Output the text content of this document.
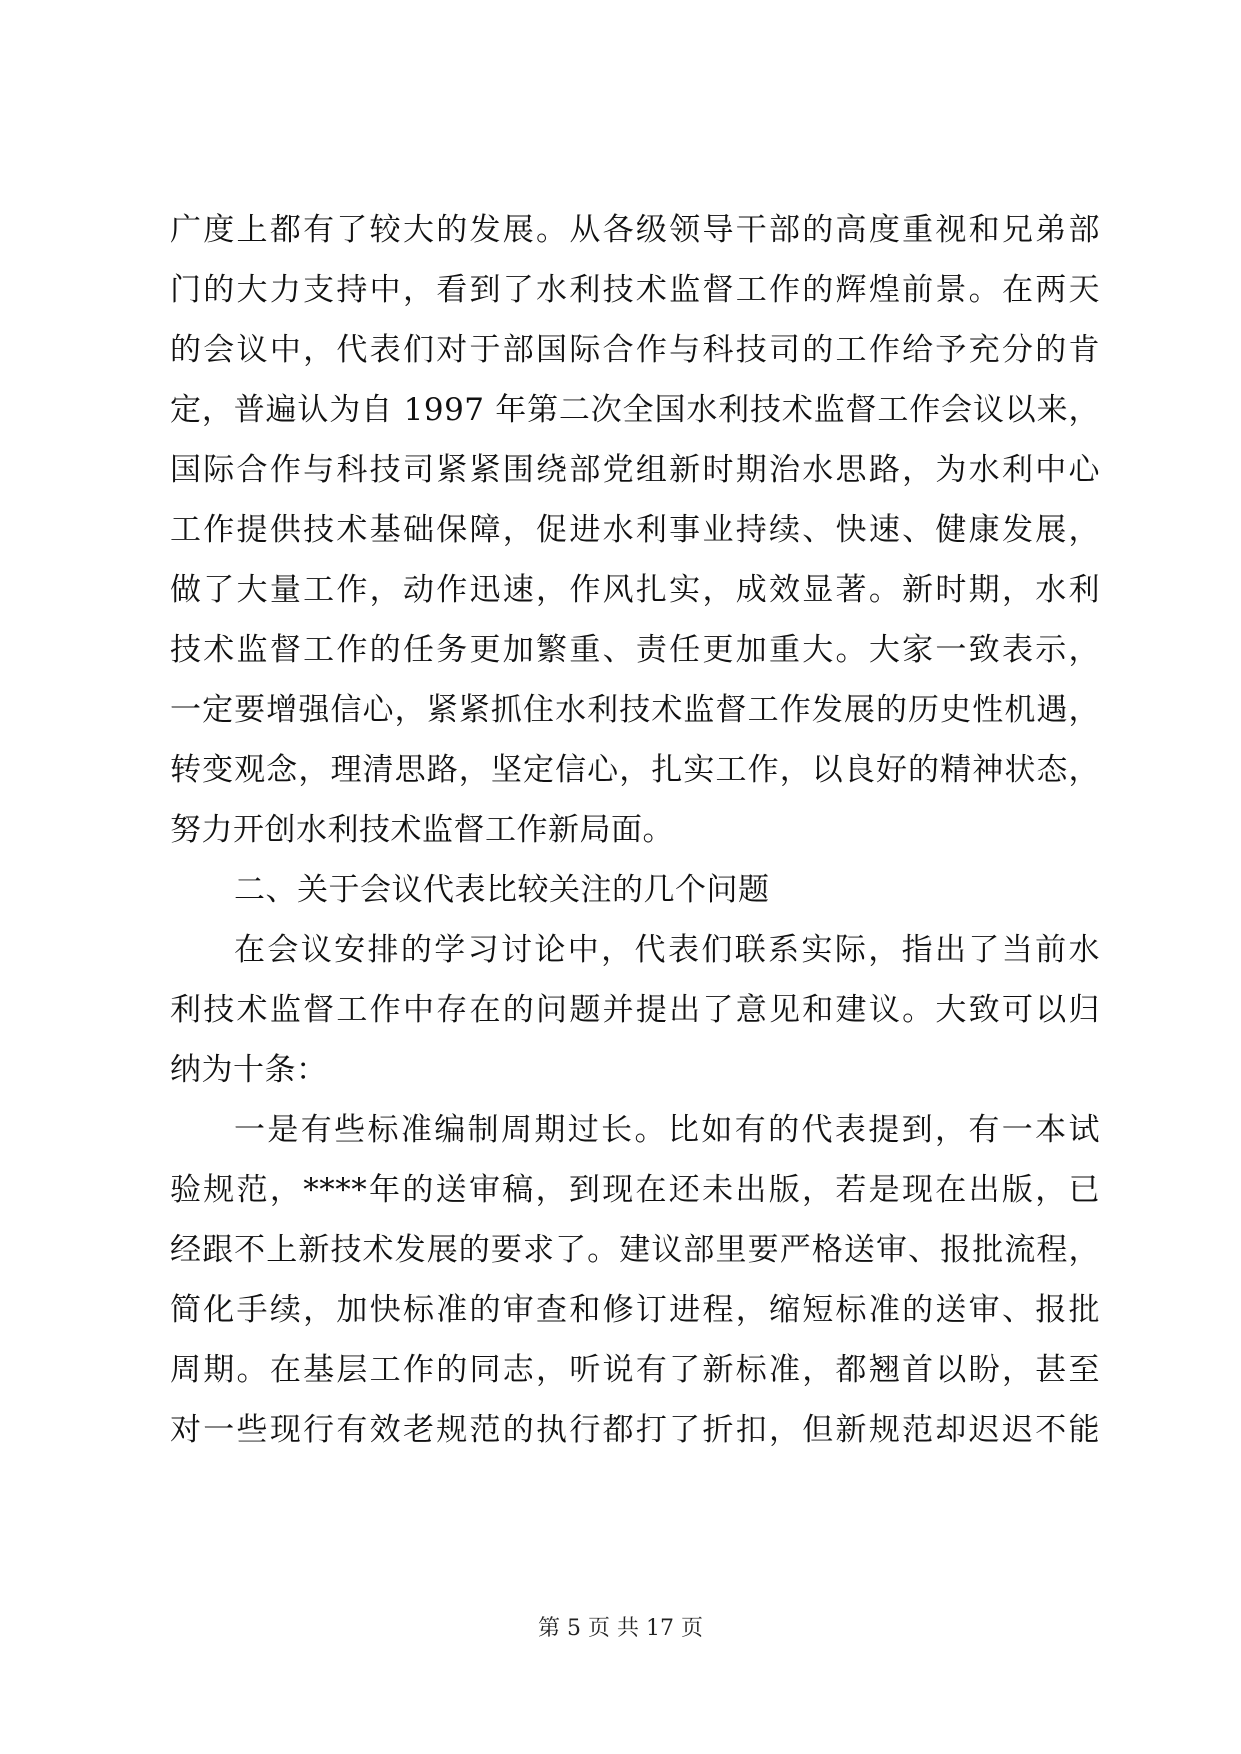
广度上都有了较大的发展。从各级领导干部的高度重视和兄弟部
门的大力支持中，看到了水利技术监督工作的辉煌前景。在两天
的会议中，代表们对于部国际合作与科技司的工作给予充分的肯
定，普遍认为自 1997 年第二次全国水利技术监督工作会议以来，
国际合作与科技司紧紧围绕部党组新时期治水思路，为水利中心
工作提供技术基础保障，促进水利事业持续、快速、健康发展，
做了大量工作，动作迅速，作风扎实，成效显著。新时期，水利
技术监督工作的任务更加繁重、责任更加重大。大家一致表示，
一定要增强信心，紧紧抓住水利技术监督工作发展的历史性机遇，
转变观念，理清思路，坚定信心，扎实工作，以良好的精神状态，
努力开创水利技术监督工作新局面。
二、关于会议代表比较关注的几个问题
在会议安排的学习讨论中，代表们联系实际，指出了当前水
利技术监督工作中存在的问题并提出了意见和建议。大致可以归
纳为十条：
一是有些标准编制周期过长。比如有的代表提到，有一本试
验规范，****年的送审稿，到现在还未出版，若是现在出版，已
经跟不上新技术发展的要求了。建议部里要严格送审、报批流程，
简化手续，加快标准的审查和修订进程，缩短标准的送审、报批
周期。在基层工作的同志，听说有了新标准，都翘首以盼，甚至
对一些现行有效老规范的执行都打了折扣，但新规范却迟迟不能
第 5 页 共 17 页
